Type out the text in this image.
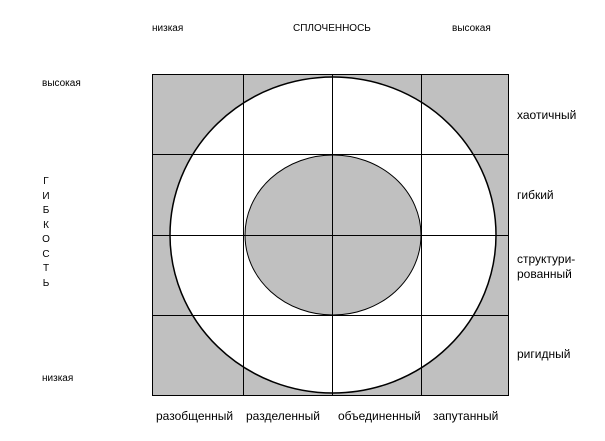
низкая	СПЛОЧЕННОСЬ	высокая
высокая
Г
И
Б
К
О
С
Т
Ь
низкая
хаотичный
гибкий
структури-
рованный
ригидный
разобщенный разделенный объединенный запутанный
